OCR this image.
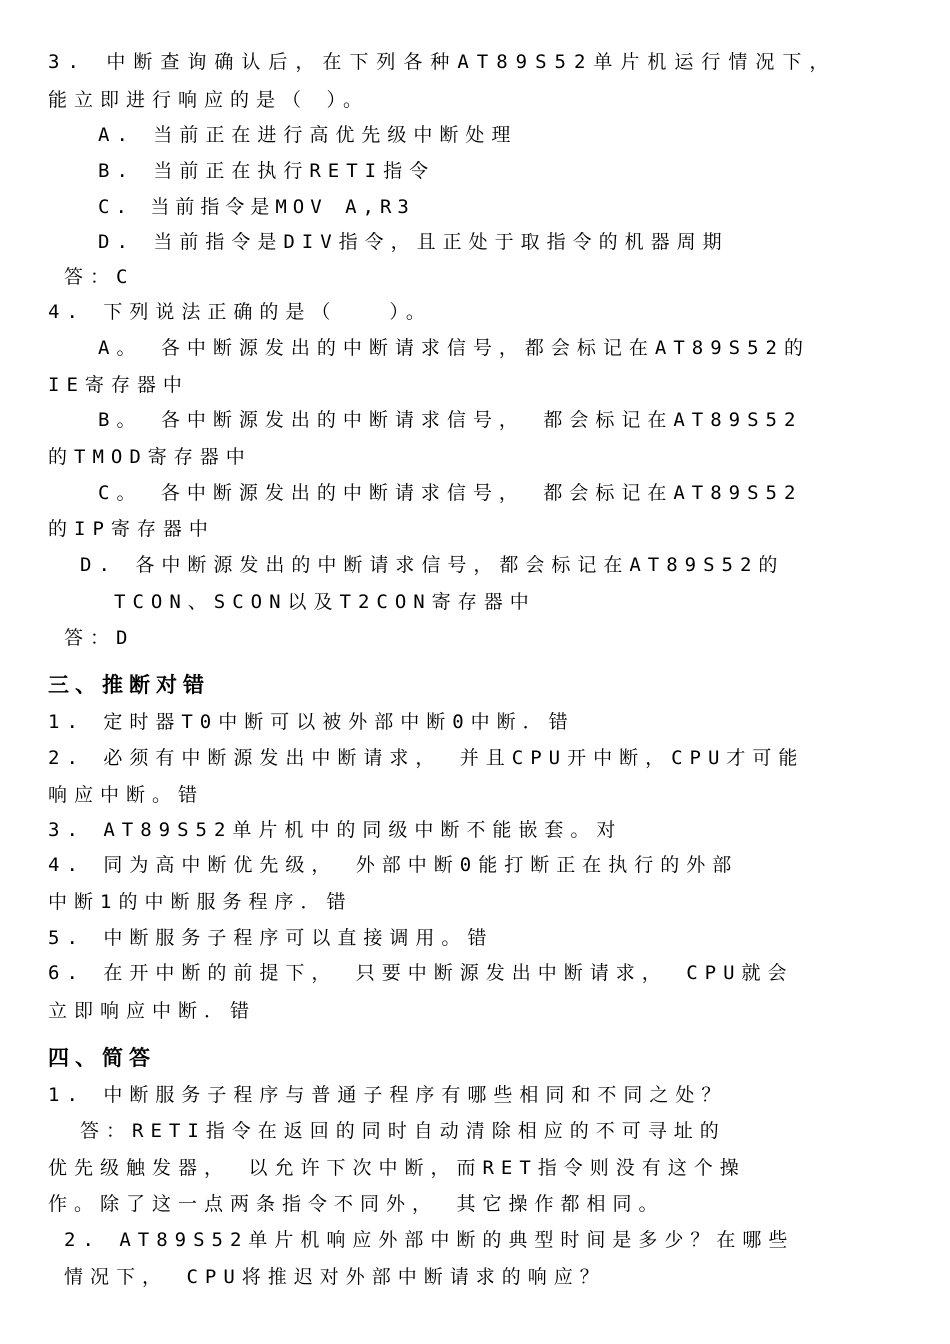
3. 中断查询确认后，在下列各种AT89S52单片机运行情况下，
能立即进行响应的是（ ）。
A. 当前正在进行高优先级中断处理
B. 当前正在执行RETI指令
C. 当前指令是MOV A,R3
D. 当前指令是DIV指令，且正处于取指令的机器周期
答：C
4. 下列说法正确的是（　　）。
A。 各中断源发出的中断请求信号，都会标记在AT89S52的
IE寄存器中
B。 各中断源发出的中断请求信号， 都会标记在AT89S52
的TMOD寄存器中
C。 各中断源发出的中断请求信号， 都会标记在AT89S52
的IP寄存器中
D. 各中断源发出的中断请求信号，都会标记在AT89S52的
TCON、SCON以及T2CON寄存器中
答：D
三、推断对错
1. 定时器T0中断可以被外部中断0中断．错
2. 必须有中断源发出中断请求， 并且CPU开中断，CPU才可能
响应中断。错
3. AT89S52单片机中的同级中断不能嵌套。对
4. 同为高中断优先级， 外部中断0能打断正在执行的外部
中断1的中断服务程序．错
5. 中断服务子程序可以直接调用。错
6. 在开中断的前提下， 只要中断源发出中断请求， CPU就会
立即响应中断．错
四、简答
1. 中断服务子程序与普通子程序有哪些相同和不同之处？
答：RETI指令在返回的同时自动清除相应的不可寻址的
优先级触发器， 以允许下次中断，而RET指令则没有这个操
作。除了这一点两条指令不同外， 其它操作都相同。
2. AT89S52单片机响应外部中断的典型时间是多少？在哪些
情况下， CPU将推迟对外部中断请求的响应？
